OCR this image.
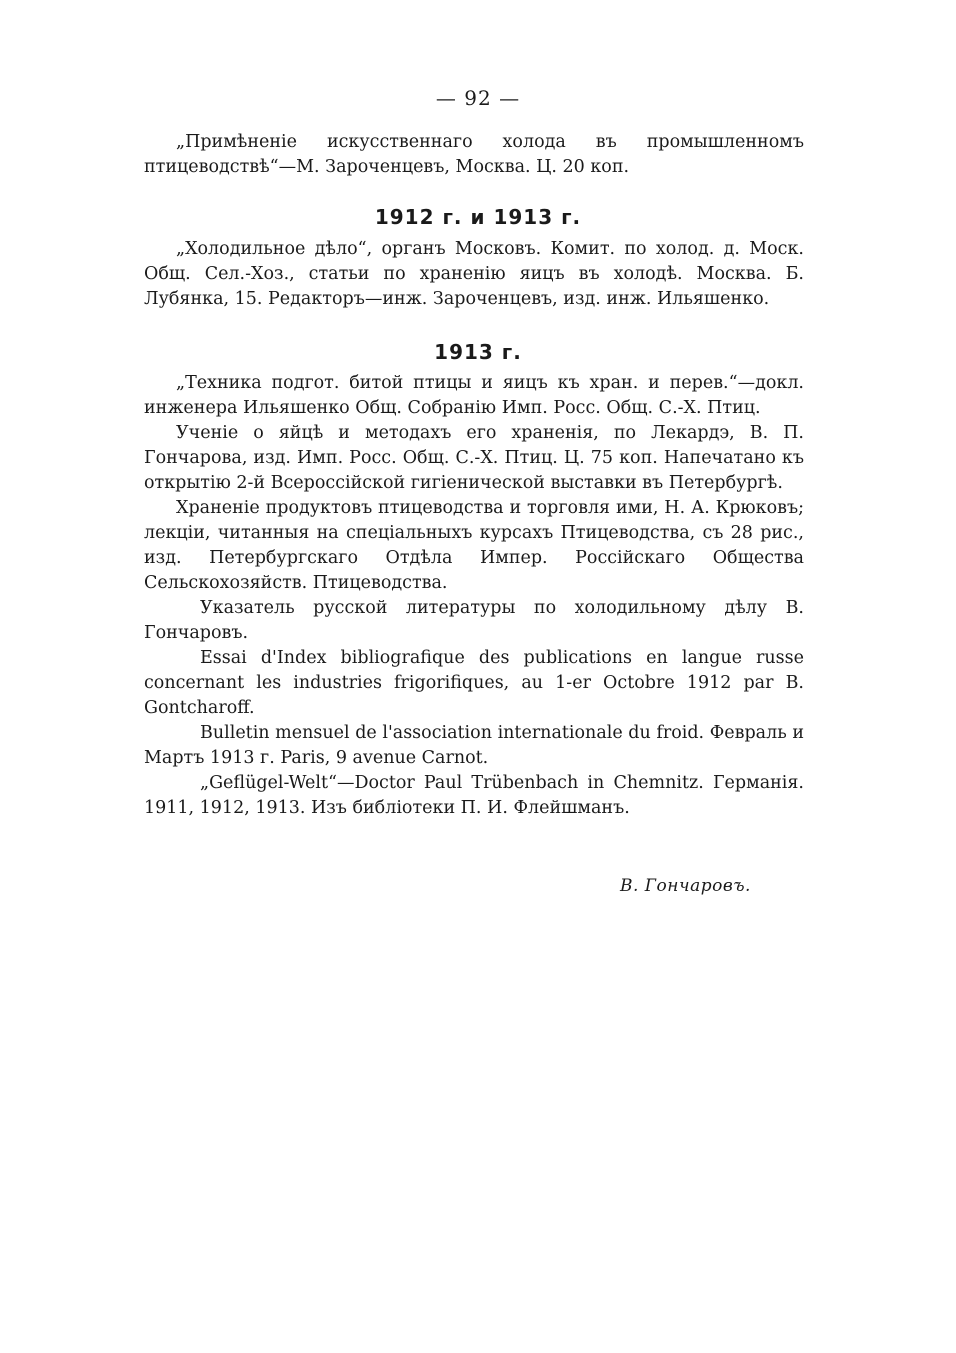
— 92 —

„Примѣненіе искусственнаго холода въ промышленномъ птицеводствѣ“—М. Зароченцевъ, Москва. Ц. 20 коп.

1912 г. и 1913 г.

„Холодильное дѣло“, органъ Московъ. Комит. по холод. д. Моск. Общ. Сел.-Хоз., статьи по храненію яицъ въ холодѣ. Москва. Б. Лубянка, 15. Редакторъ—инж. Зароченцевъ, изд. инж. Ильяшенко.

1913 г.

„Техника подгот. битой птицы и яицъ къ хран. и перев.“—докл. инженера Ильяшенко Общ. Собранію Имп. Росс. Общ. С.-Х. Птиц.

Ученіе о яйцѣ и методахъ его храненія, по Лекардэ, В. П. Гончарова, изд. Имп. Росс. Общ. С.-Х. Птиц. Ц. 75 коп. Напечатано къ открытію 2-й Всероссійской гигіенической выставки въ Петербургѣ.

Храненіе продуктовъ птицеводства и торговля ими, Н. А. Крюковъ; лекціи, читанныя на спеціальныхъ курсахъ Птицеводства, съ 28 рис., изд. Петербургскаго Отдѣла Импер. Россійскаго Общества Сельскохозяйств. Птицеводства.

Указатель русской литературы по холодильному дѣлу В. Гончаровъ.

Essai d'Index bibliografique des publications en langue russe concernant les industries frigorifiques, au 1-er Octobre 1912 par B. Gontcharoff.

Bulletin mensuel de l'association internationale du froid. Февраль и Мартъ 1913 г. Paris, 9 avenue Carnot.

„Geflügel-Welt“—Doctor Paul Trübenbach in Chemnitz. Германія. 1911, 1912, 1913. Изъ библіотеки П. И. Флейшманъ.

В. Гончаровъ.
